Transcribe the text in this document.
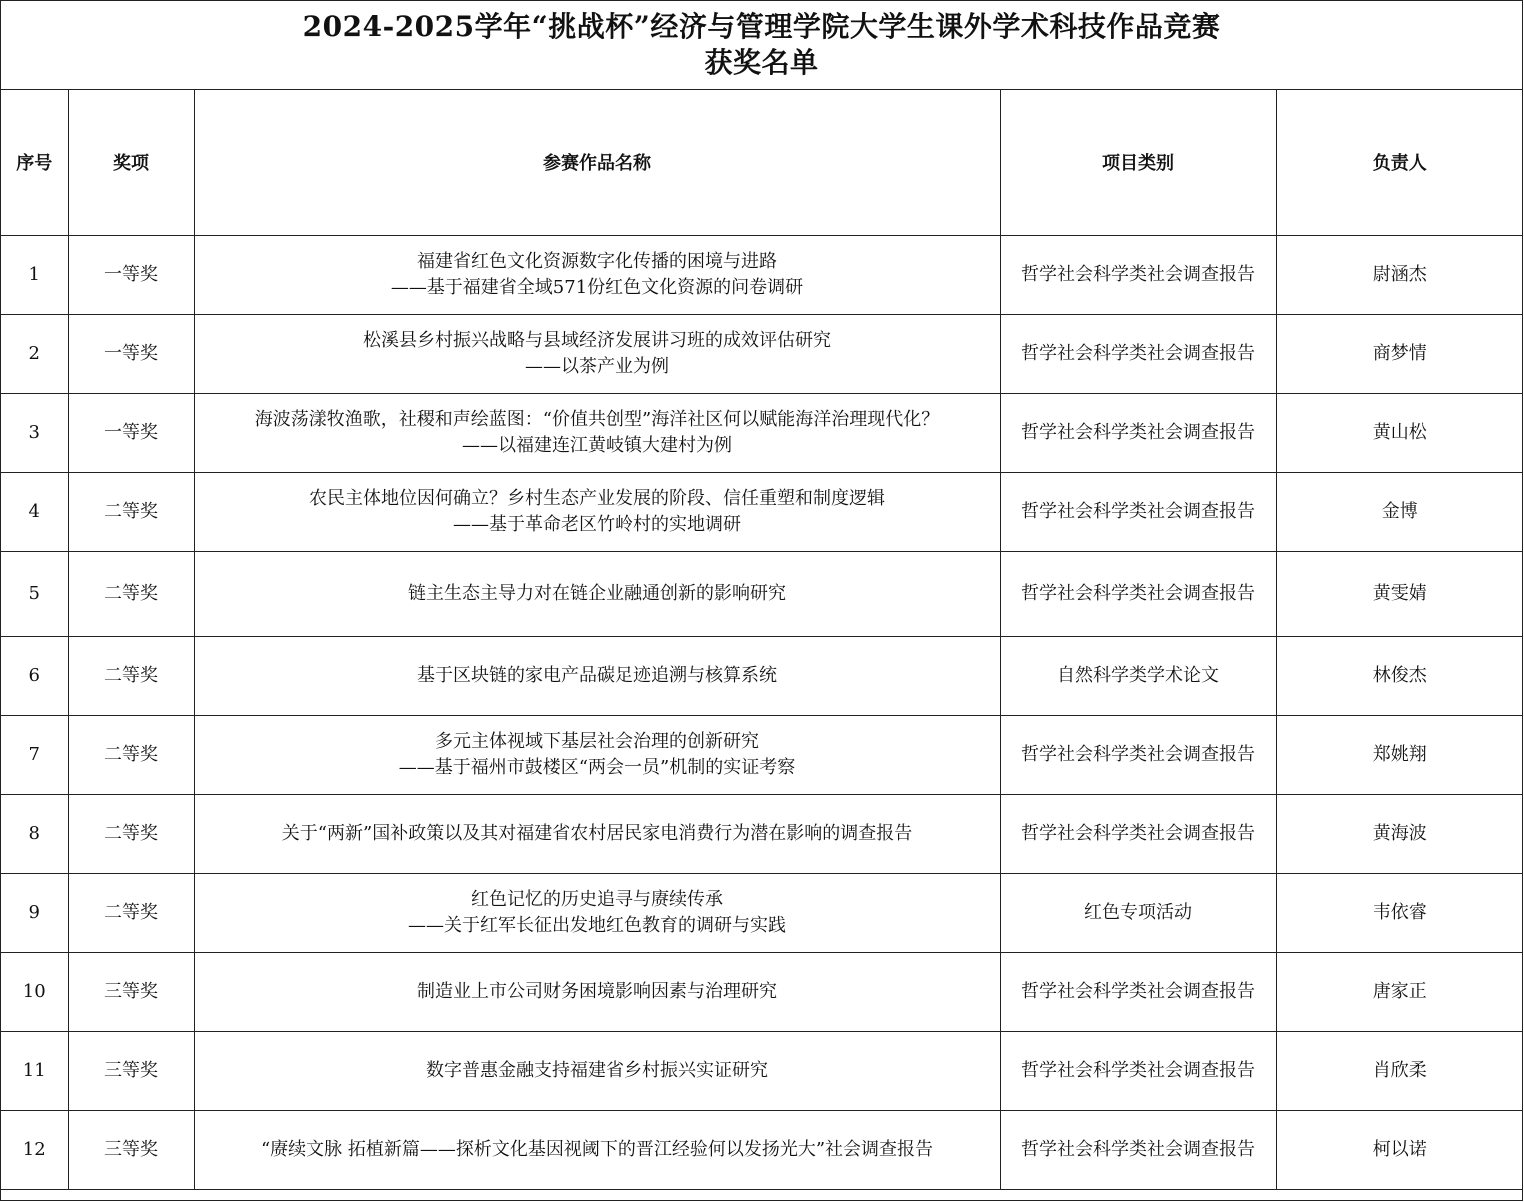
2024-2025学年“挑战杯”经济与管理学院大学生课外学术科技作品竞赛
获奖名单
序号	奖项	参赛作品名称	项目类别	负责人
1	一等奖	福建省红色文化资源数字化传播的困境与进路
——基于福建省全域571份红色文化资源的问卷调研	哲学社会科学类社会调查报告	尉涵杰
2	一等奖	松溪县乡村振兴战略与县域经济发展讲习班的成效评估研究
——以茶产业为例	哲学社会科学类社会调查报告	商梦情
3	一等奖	海波荡漾牧渔歌，社稷和声绘蓝图：“价值共创型”海洋社区何以赋能海洋治理现代化？
——以福建连江黄岐镇大建村为例	哲学社会科学类社会调查报告	黄山松
4	二等奖	农民主体地位因何确立？乡村生态产业发展的阶段、信任重塑和制度逻辑
——基于革命老区竹岭村的实地调研	哲学社会科学类社会调查报告	金博
5	二等奖	链主生态主导力对在链企业融通创新的影响研究	哲学社会科学类社会调查报告	黄雯婧
6	二等奖	基于区块链的家电产品碳足迹追溯与核算系统	自然科学类学术论文	林俊杰
7	二等奖	多元主体视域下基层社会治理的创新研究
——基于福州市鼓楼区“两会一员”机制的实证考察	哲学社会科学类社会调查报告	郑姚翔
8	二等奖	关于“两新”国补政策以及其对福建省农村居民家电消费行为潜在影响的调查报告	哲学社会科学类社会调查报告	黄海波
9	二等奖	红色记忆的历史追寻与赓续传承
——关于红军长征出发地红色教育的调研与实践	红色专项活动	韦依睿
10	三等奖	制造业上市公司财务困境影响因素与治理研究	哲学社会科学类社会调查报告	唐家正
11	三等奖	数字普惠金融支持福建省乡村振兴实证研究	哲学社会科学类社会调查报告	肖欣柔
12	三等奖	“赓续文脉 拓植新篇——探析文化基因视阈下的晋江经验何以发扬光大”社会调查报告	哲学社会科学类社会调查报告	柯以诺
